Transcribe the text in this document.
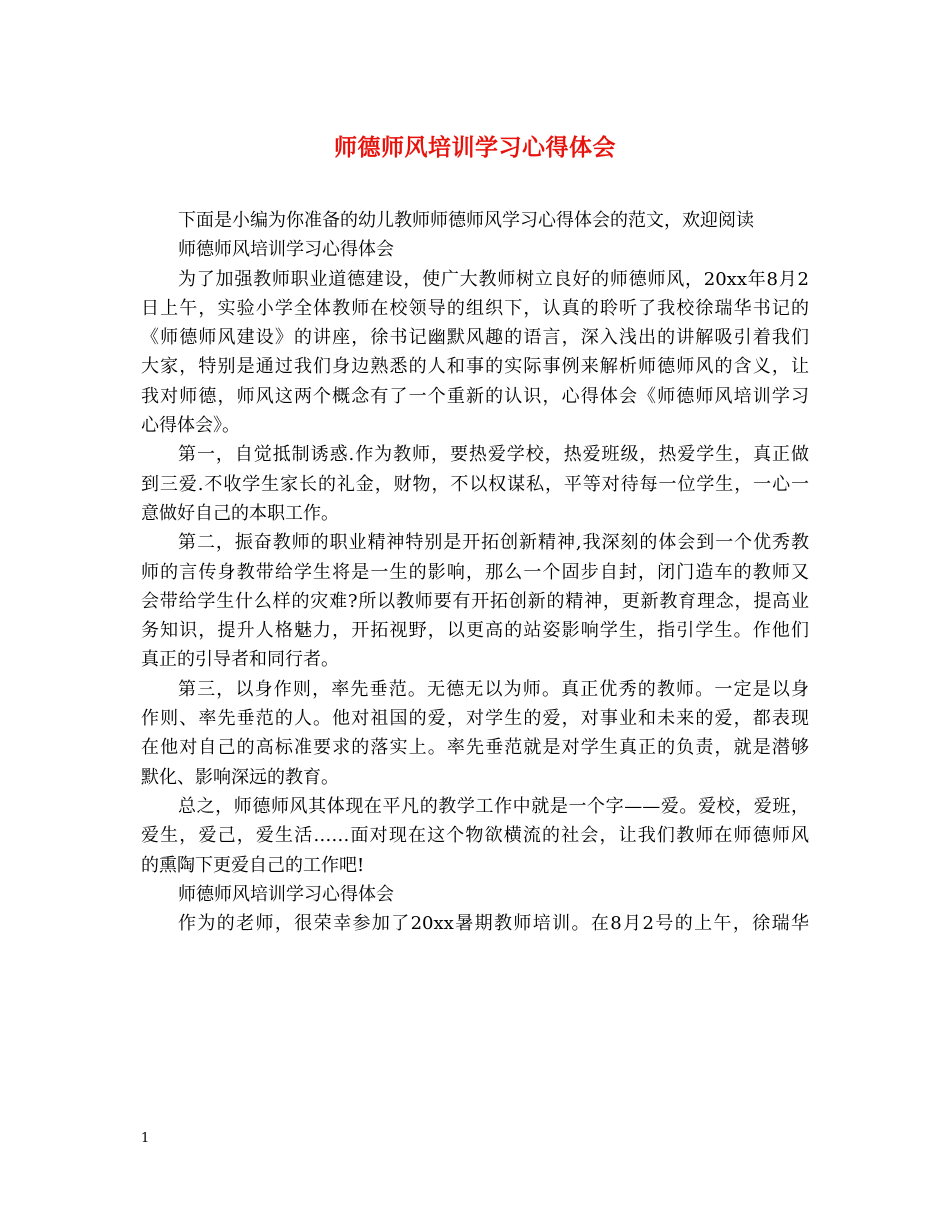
师德师风培训学习心得体会
下面是小编为你准备的幼儿教师师德师风学习心得体会的范文，欢迎阅读
师德师风培训学习心得体会
为了加强教师职业道德建设，使广大教师树立良好的师德师风，20xx年8月2
日上午，实验小学全体教师在校领导的组织下，认真的聆听了我校徐瑞华书记的
《师德师风建设》的讲座，徐书记幽默风趣的语言，深入浅出的讲解吸引着我们
大家，特别是通过我们身边熟悉的人和事的实际事例来解析师德师风的含义，让
我对师德，师风这两个概念有了一个重新的认识，心得体会《师德师风培训学习
心得体会》。
第一，自觉抵制诱惑.作为教师，要热爱学校，热爱班级，热爱学生，真正做
到三爱.不收学生家长的礼金，财物，不以权谋私，平等对待每一位学生，一心一
意做好自己的本职工作。
第二，振奋教师的职业精神特别是开拓创新精神,我深刻的体会到一个优秀教
师的言传身教带给学生将是一生的影响，那么一个固步自封，闭门造车的教师又
会带给学生什么样的灾难?所以教师要有开拓创新的精神，更新教育理念，提高业
务知识，提升人格魅力，开拓视野，以更高的站姿影响学生，指引学生。作他们
真正的引导者和同行者。
第三，以身作则，率先垂范。无德无以为师。真正优秀的教师。一定是以身
作则、率先垂范的人。他对祖国的爱，对学生的爱，对事业和未来的爱，都表现
在他对自己的高标准要求的落实上。率先垂范就是对学生真正的负责，就是潜够
默化、影响深远的教育。
总之，师德师风其体现在平凡的教学工作中就是一个字——爱。爱校，爱班，
爱生，爱己，爱生活……面对现在这个物欲横流的社会，让我们教师在师德师风
的熏陶下更爱自己的工作吧!
师德师风培训学习心得体会
作为的老师，很荣幸参加了20xx暑期教师培训。在8月2号的上午，徐瑞华
1
